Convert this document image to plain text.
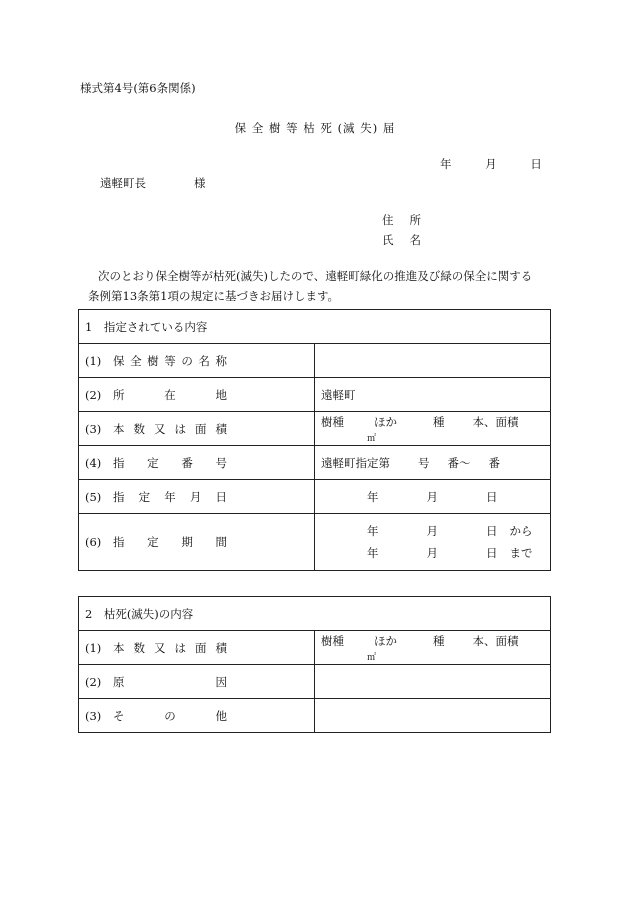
様式第4号(第6条関係)
保 全 樹 等 枯 死 (滅 失) 届
年	月	日
遠軽町長	様
住 所
氏 名
次のとおり保全樹等が枯死(滅失)したので、遠軽町緑化の推進及び緑の保全に関する
条例第13条第1項の規定に基づきお届けします。
1　指定されている内容	
(1) 保全樹等の名称	
(2) 所在地	遠軽町
(3) 本数又は面積	樹種 ほか 種 本、面積㎡
(4) 指定番号	遠軽町指定第 号 番〜 番
(5) 指定年月日	年 月 日
(6) 指定期間	年 月 日 から
年 月 日 まで
2　枯死(滅失)の内容	
(1) 本数又は面積	樹種 ほか 種 本、面積㎡
(2) 原因	
(3) その他	
